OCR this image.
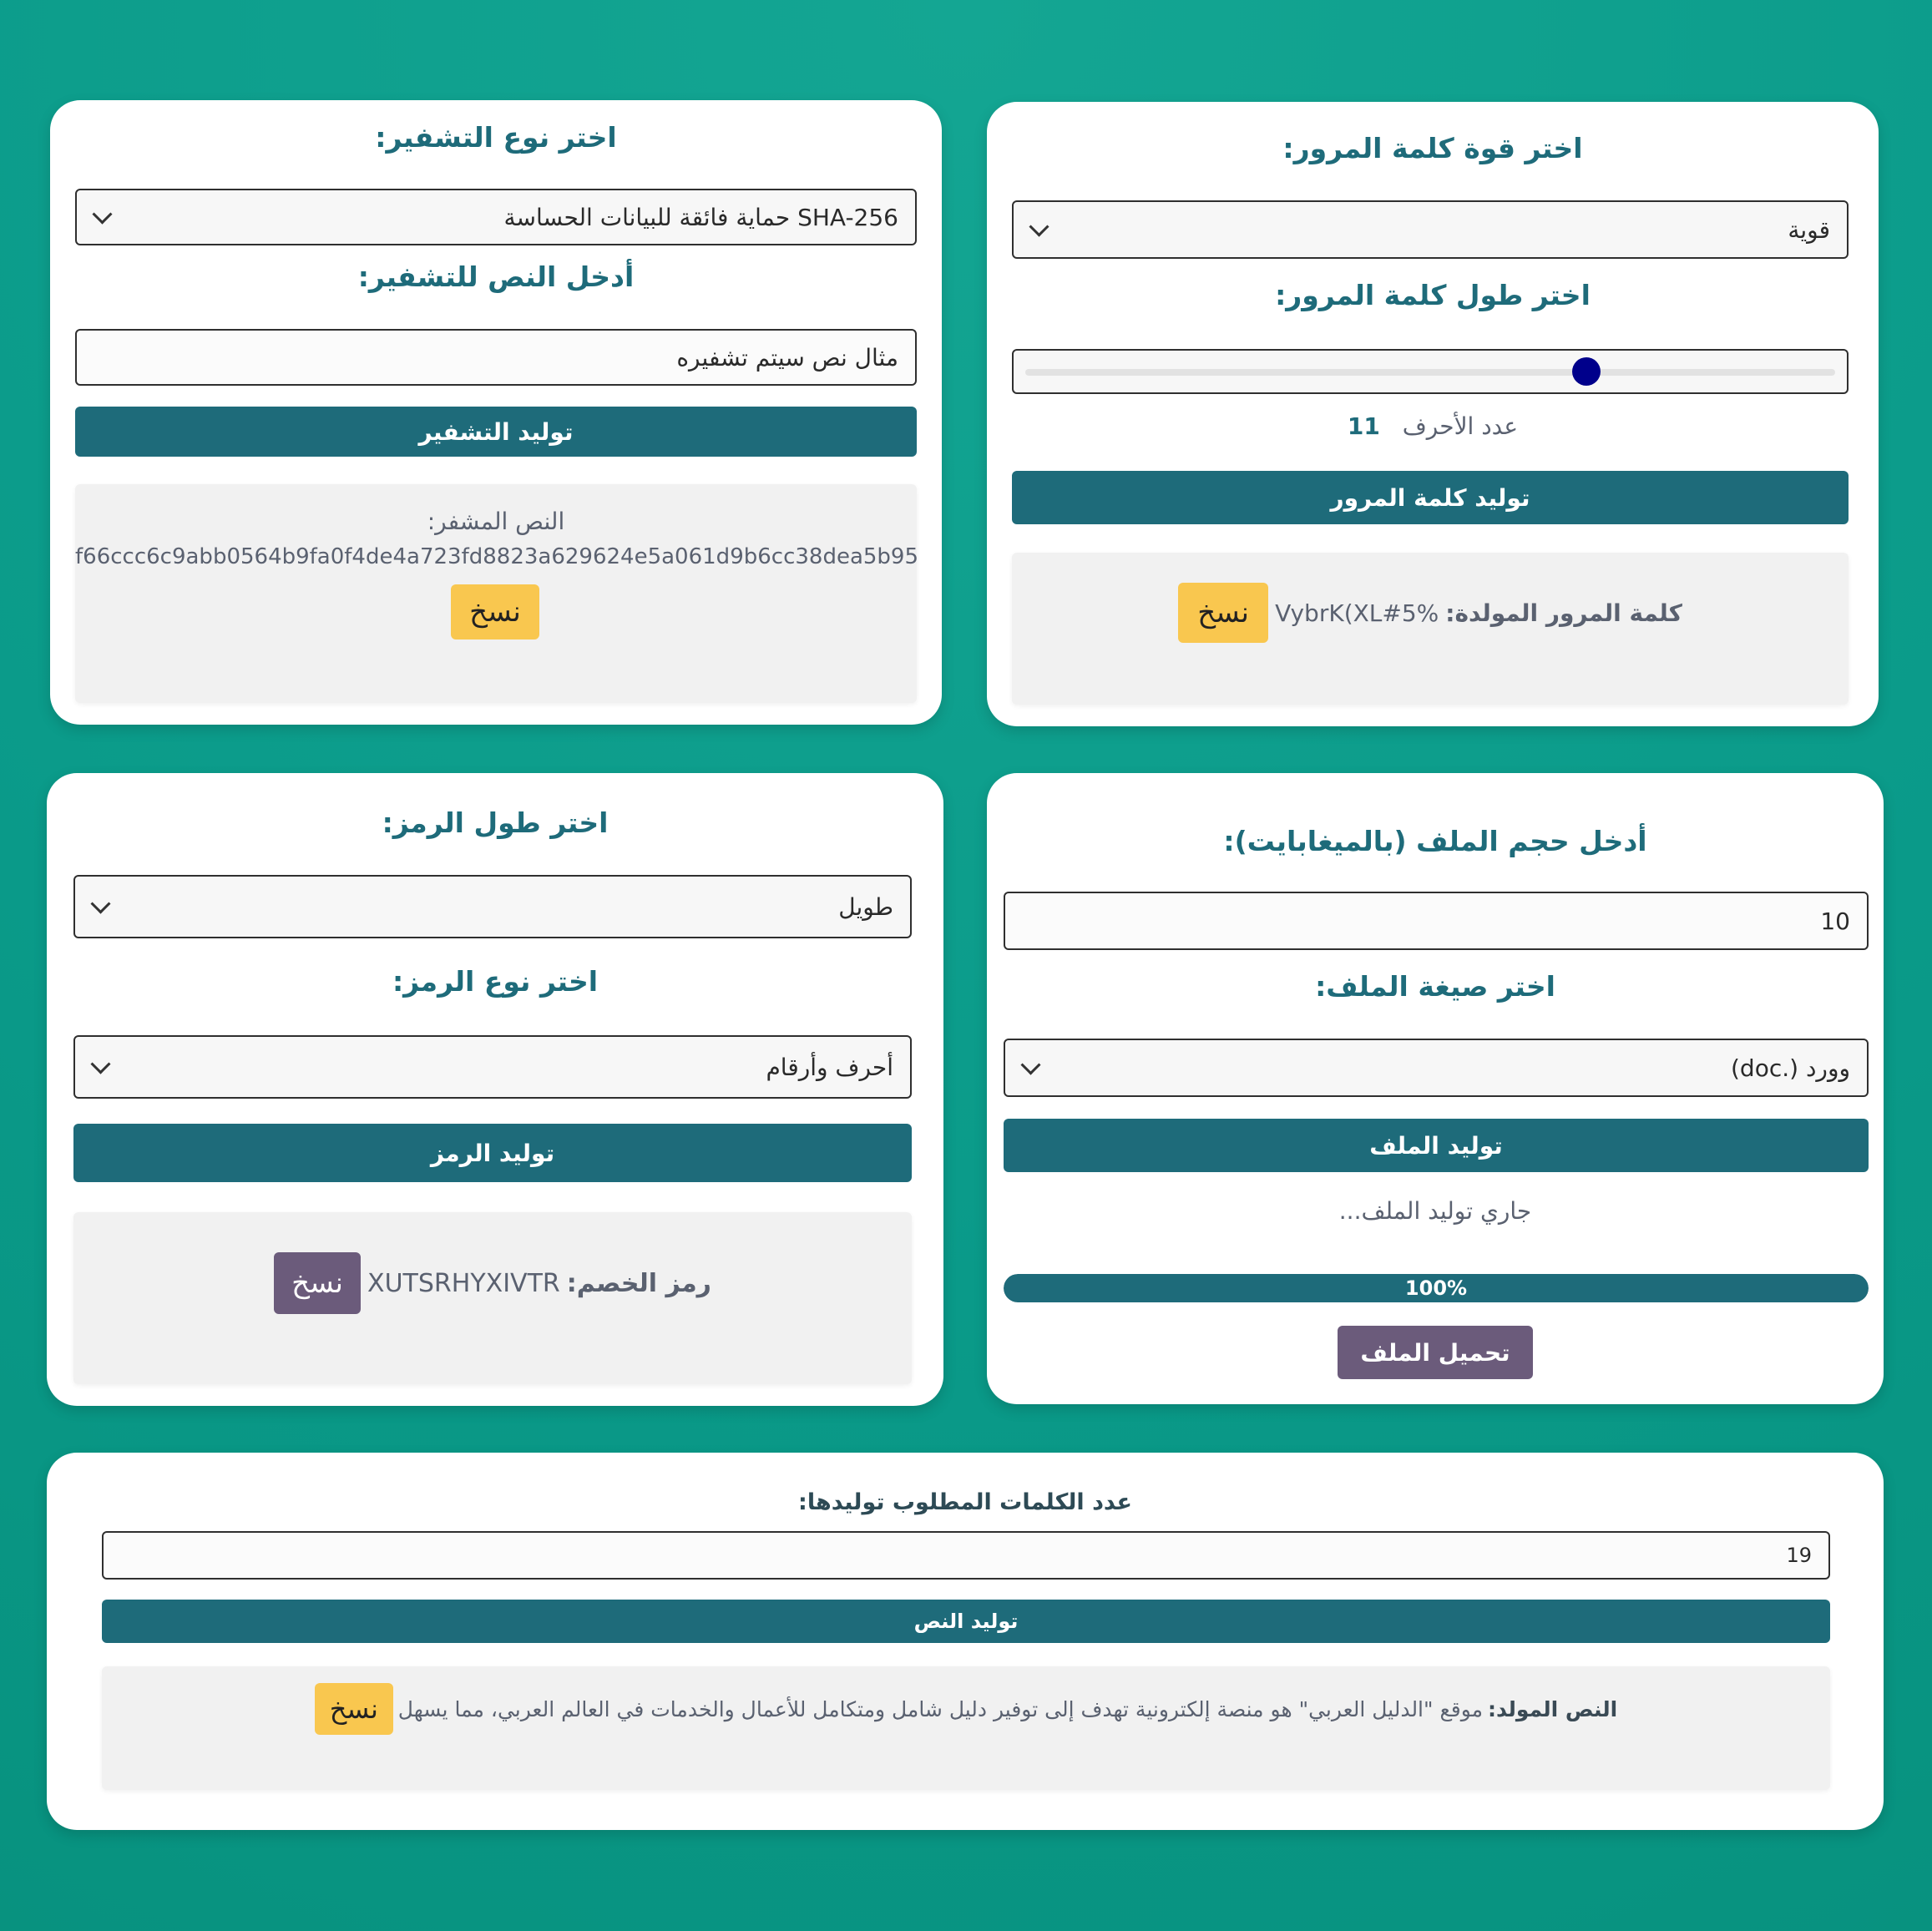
اختر نوع التشفير:
SHA-256 حماية فائقة للبيانات الحساسة
أدخل النص للتشفير:
مثال نص سيتم تشفيره
توليد التشفير
النص المشفر:
f66ccc6c9abb0564b9fa0f4de4a723fd8823a629624e5a061d9b6cc38dea5b95
نسخ
اختر قوة كلمة المرور:
قوية
اختر طول كلمة المرور:
عدد الأحرف 11
توليد كلمة المرور
كلمة المرور المولدة:
VybrK(XL#5%
نسخ
اختر طول الرمز:
طويل
اختر نوع الرمز:
أحرف وأرقام
توليد الرمز
رمز الخصم:
XUTSRHYXIVTR
نسخ
أدخل حجم الملف (بالميغابايت):
10
اختر صيغة الملف:
وورد (.doc)
توليد الملف
جاري توليد الملف...
100%
تحميل الملف
عدد الكلمات المطلوب توليدها:
19
توليد النص
النص المولد:
موقع "الدليل العربي" هو منصة إلكترونية تهدف إلى توفير دليل شامل ومتكامل للأعمال والخدمات في العالم العربي، مما يسهل
نسخ
